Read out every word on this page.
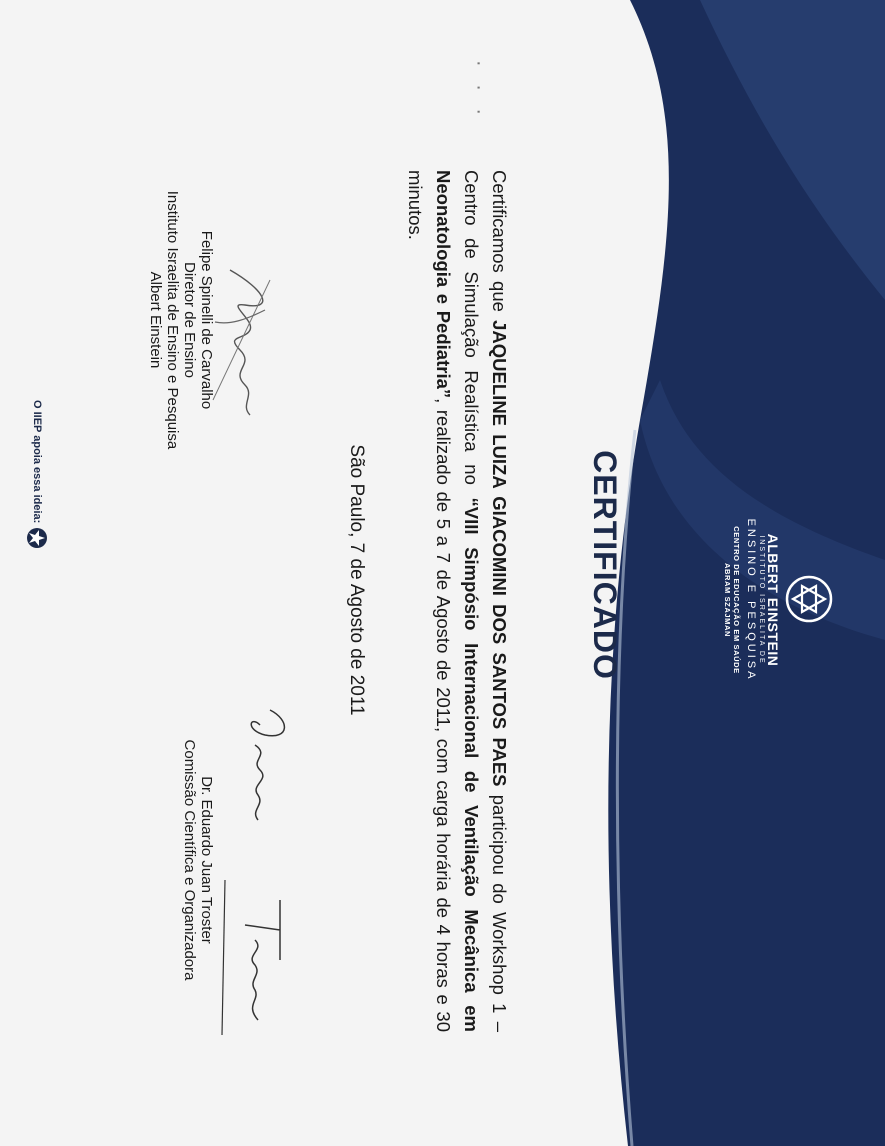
· · ·
ALBERT EINSTEIN
INSTITUTO ISRAELITA DE
ENSINO E PESQUISA
CENTRO DE EDUCAÇÃO EM SAÚDE
ABRAM SZAJMAN
CERTIFICADO
Certificamos que JAQUELINE LUIZA GIACOMINI DOS SANTOS PAES participou do Workshop 1 – Centro de Simulação Realística no “VIII Simpósio Internacional de Ventilação Mecânica em Neonatologia e Pediatria”, realizado de 5 a 7 de Agosto de 2011, com carga horária de 4 horas e 30 minutos.
São Paulo, 7 de Agosto de 2011
Felipe Spinelli de Carvalho
Diretor de Ensino
Instituto Israelita de Ensino e Pesquisa
Albert Einstein
Dr. Eduardo Juan Troster
Comissão Científica e Organizadora
O IIEP apoia essa ideia:
